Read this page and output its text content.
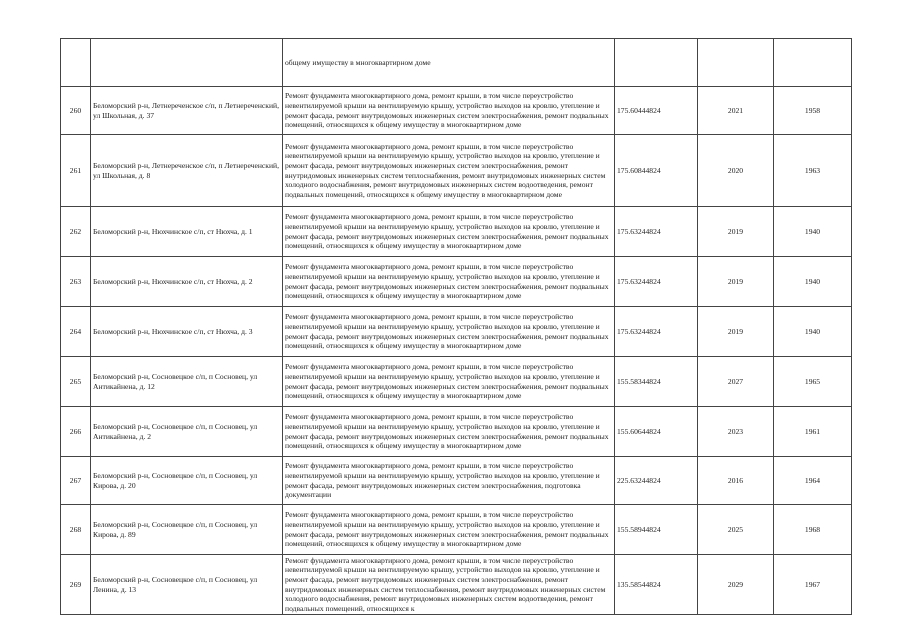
		общему имуществу в многоквартирном доме			

260	Беломорский р-н, Летнереченское с/п, п Летнереченский, ул Школьная, д. 37	Ремонт фундамента многоквартирного дома, ремонт крыши, в том числе переустройство невентилируемой крыши на вентилируемую крышу, устройство выходов на кровлю, утепление и ремонт фасада, ремонт внутридомовых инженерных систем электроснабжения, ремонт подвальных помещений, относящихся к общему имуществу в многоквартирном доме	175.60444824	2021	1958
261	Беломорский р-н, Летнереченское с/п, п Летнереченский, ул Школьная, д. 8	Ремонт фундамента многоквартирного дома, ремонт крыши, в том числе переустройство невентилируемой крыши на вентилируемую крышу, устройство выходов на кровлю, утепление и ремонт фасада, ремонт внутридомовых инженерных систем электроснабжения, ремонт внутридомовых инженерных систем теплоснабжения, ремонт внутридомовых инженерных систем холодного водоснабжения, ремонт внутридомовых инженерных систем водоотведения, ремонт подвальных помещений, относящихся к общему имуществу в многоквартирном доме	175.60844824	2020	1963
262	Беломорский р-н, Нюхчинское с/п, ст Нюхча, д. 1	Ремонт фундамента многоквартирного дома, ремонт крыши, в том числе переустройство невентилируемой крыши на вентилируемую крышу, устройство выходов на кровлю, утепление и ремонт фасада, ремонт внутридомовых инженерных систем электроснабжения, ремонт подвальных помещений, относящихся к общему имуществу в многоквартирном доме	175.63244824	2019	1940
263	Беломорский р-н, Нюхчинское с/п, ст Нюхча, д. 2	Ремонт фундамента многоквартирного дома, ремонт крыши, в том числе переустройство невентилируемой крыши на вентилируемую крышу, устройство выходов на кровлю, утепление и ремонт фасада, ремонт внутридомовых инженерных систем электроснабжения, ремонт подвальных помещений, относящихся к общему имуществу в многоквартирном доме	175.63244824	2019	1940
264	Беломорский р-н, Нюхчинское с/п, ст Нюхча, д. 3	Ремонт фундамента многоквартирного дома, ремонт крыши, в том числе переустройство невентилируемой крыши на вентилируемую крышу, устройство выходов на кровлю, утепление и ремонт фасада, ремонт внутридомовых инженерных систем электроснабжения, ремонт подвальных помещений, относящихся к общему имуществу в многоквартирном доме	175.63244824	2019	1940
265	Беломорский р-н, Сосновецкое с/п, п Сосновец, ул Антикайнена, д. 12	Ремонт фундамента многоквартирного дома, ремонт крыши, в том числе переустройство невентилируемой крыши на вентилируемую крышу, устройство выходов на кровлю, утепление и ремонт фасада, ремонт внутридомовых инженерных систем электроснабжения, ремонт подвальных помещений, относящихся к общему имуществу в многоквартирном доме	155.58344824	2027	1965
266	Беломорский р-н, Сосновецкое с/п, п Сосновец, ул Антикайнена, д. 2	Ремонт фундамента многоквартирного дома, ремонт крыши, в том числе переустройство невентилируемой крыши на вентилируемую крышу, устройство выходов на кровлю, утепление и ремонт фасада, ремонт внутридомовых инженерных систем электроснабжения, ремонт подвальных помещений, относящихся к общему имуществу в многоквартирном доме	155.60644824	2023	1961
267	Беломорский р-н, Сосновецкое с/п, п Сосновец, ул Кирова, д. 20	Ремонт фундамента многоквартирного дома, ремонт крыши, в том числе переустройство невентилируемой крыши на вентилируемую крышу, устройство выходов на кровлю, утепление и ремонт фасада, ремонт внутридомовых инженерных систем электроснабжения, подготовка документации	225.63244824	2016	1964
268	Беломорский р-н, Сосновецкое с/п, п Сосновец, ул Кирова, д. 89	Ремонт фундамента многоквартирного дома, ремонт крыши, в том числе переустройство невентилируемой крыши на вентилируемую крышу, устройство выходов на кровлю, утепление и ремонт фасада, ремонт внутридомовых инженерных систем электроснабжения, ремонт подвальных помещений, относящихся к общему имуществу в многоквартирном доме	155.58944824	2025	1968
269	Беломорский р-н, Сосновецкое с/п, п Сосновец, ул Ленина, д. 13	Ремонт фундамента многоквартирного дома, ремонт крыши, в том числе переустройство невентилируемой крыши на вентилируемую крышу, устройство выходов на кровлю, утепление и ремонт фасада, ремонт внутридомовых инженерных систем электроснабжения, ремонт внутридомовых инженерных систем теплоснабжения, ремонт внутридомовых инженерных систем холодного водоснабжения, ремонт внутридомовых инженерных систем водоотведения, ремонт подвальных помещений, относящихся к	135.58544824	2029	1967
